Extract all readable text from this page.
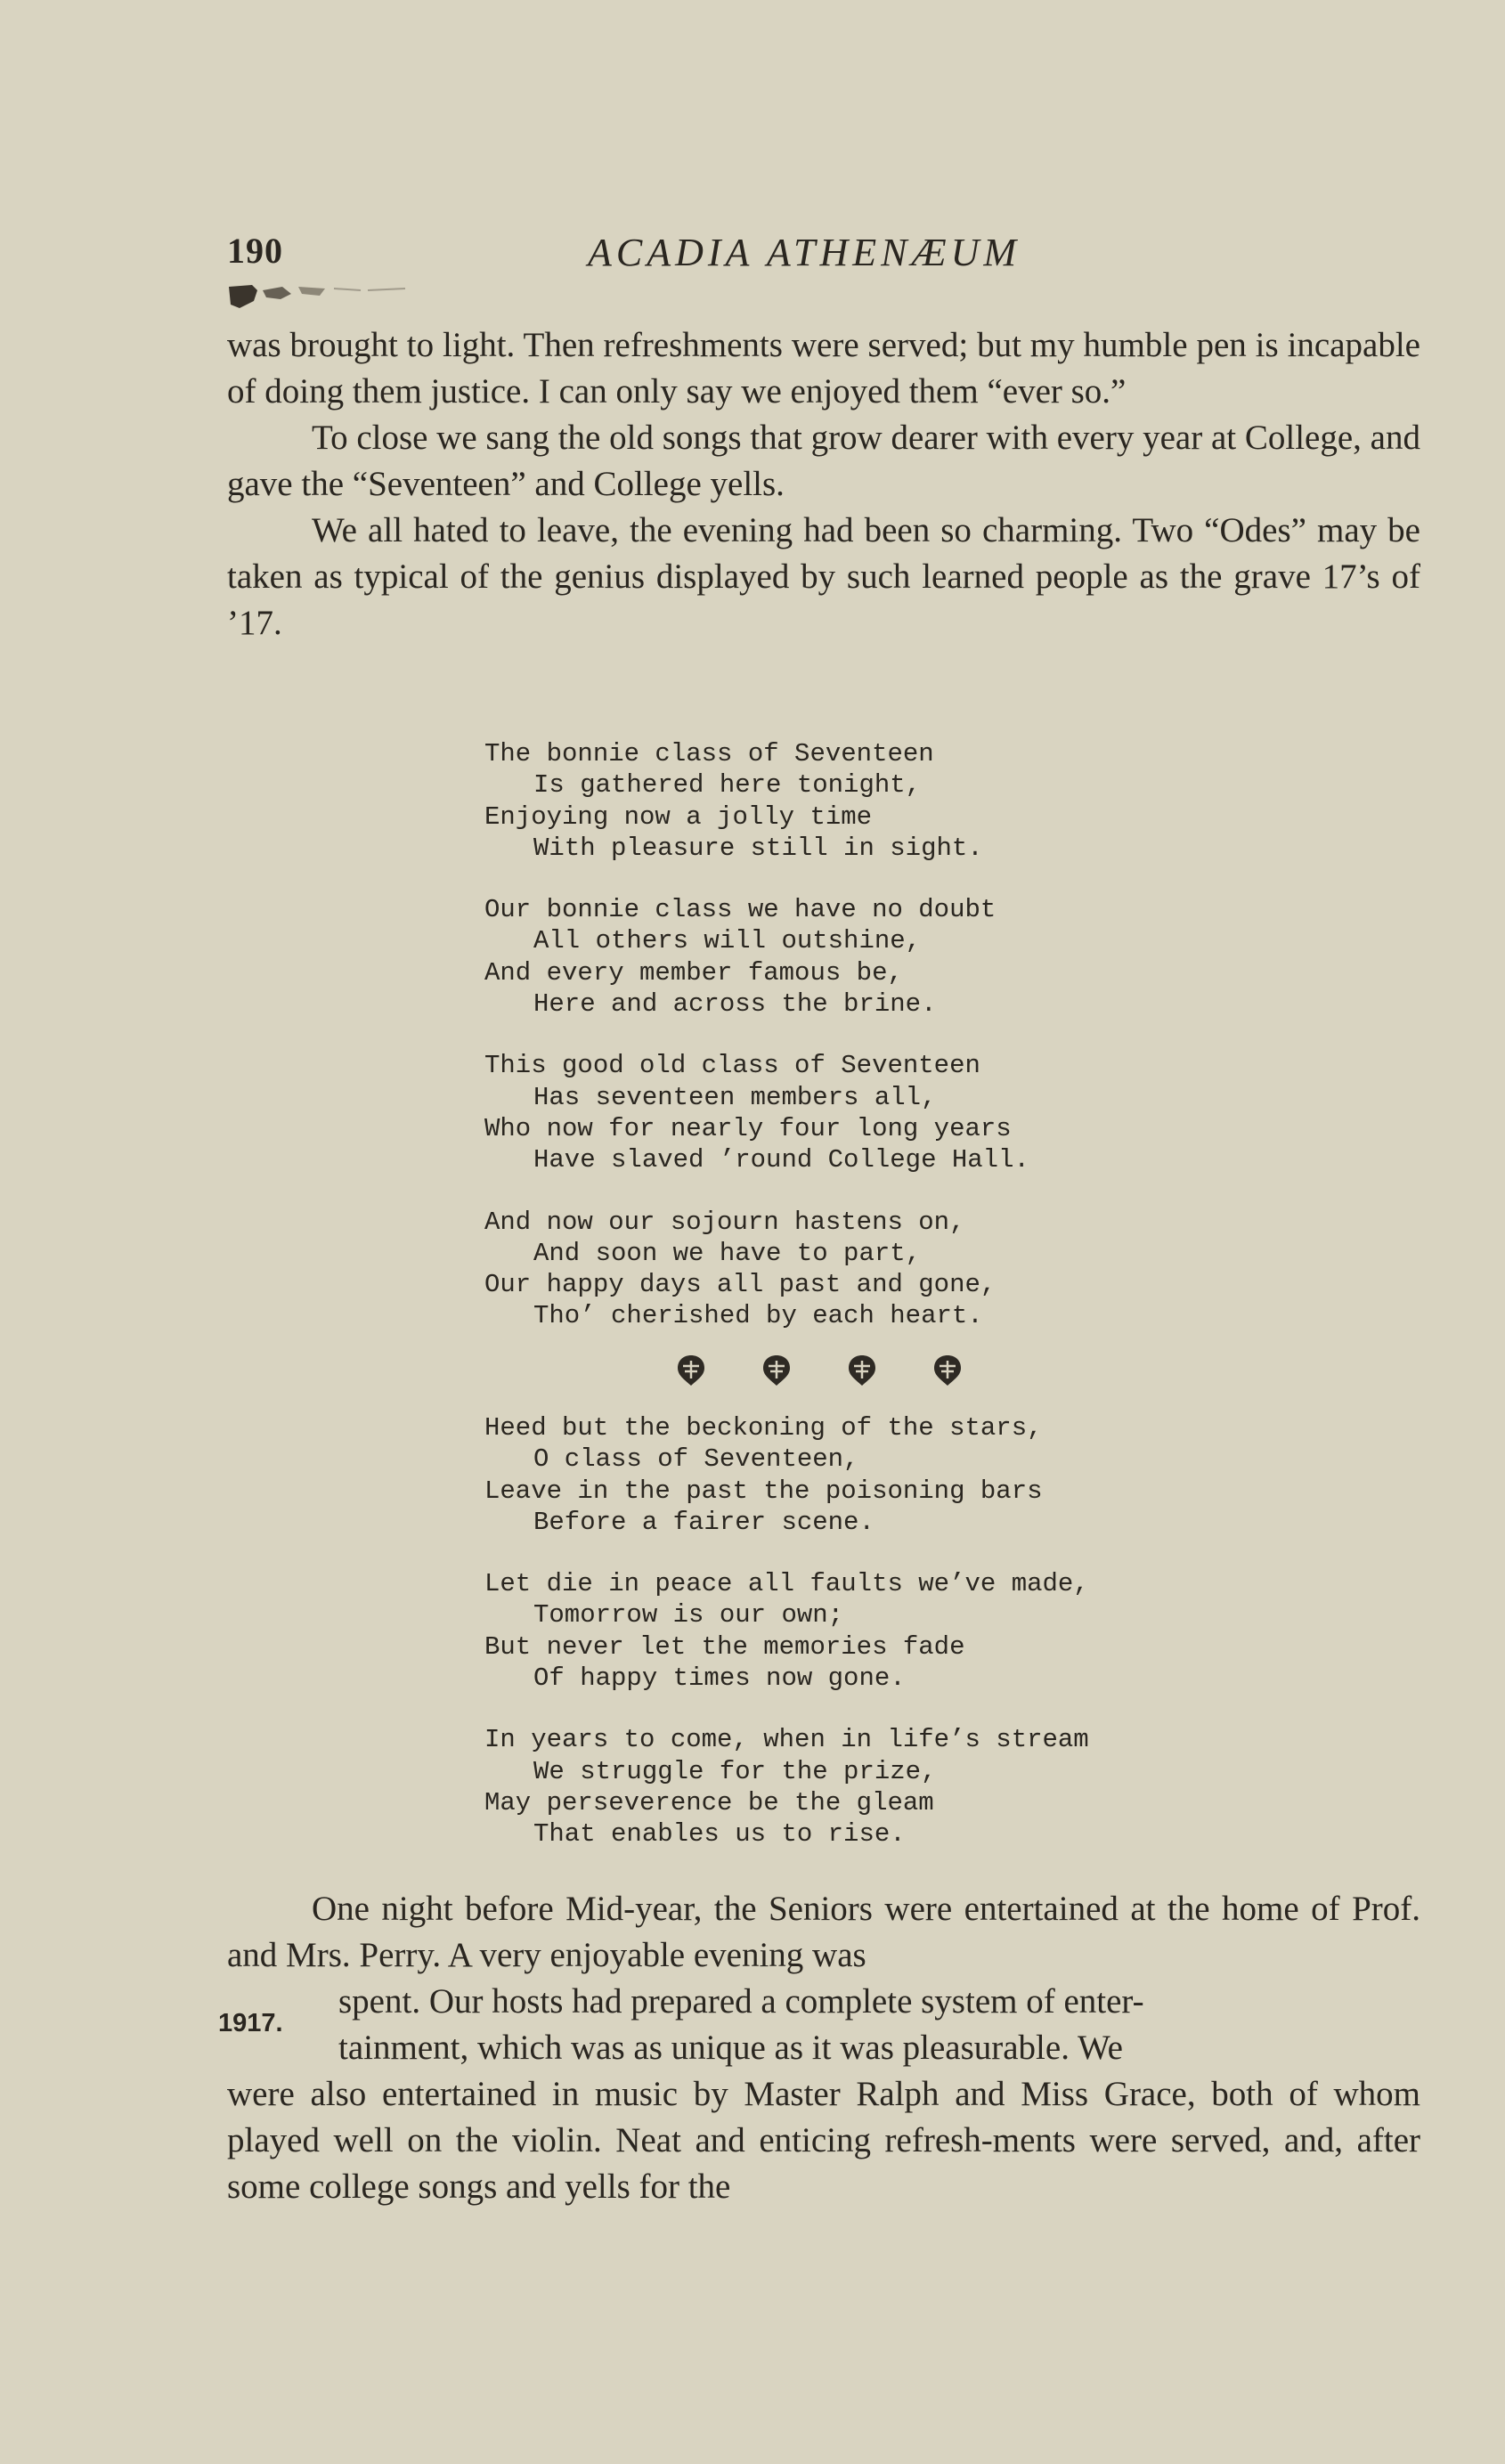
190	ACADIA ATHENÆUM

was brought to light. Then refreshments were served; but my humble pen is incapable of doing them justice. I can only say we enjoyed them “ever so.”

To close we sang the old songs that grow dearer with every year at College, and gave the “Seventeen” and College yells.

We all hated to leave, the evening had been so charming. Two “Odes” may be taken as typical of the genius displayed by such learned people as the grave 17’s of ’17.

The bonnie class of Seventeen
Is gathered here tonight,
Enjoying now a jolly time
With pleasure still in sight.
Our bonnie class we have no doubt
All others will outshine,
And every member famous be,
Here and across the brine.
This good old class of Seventeen
Has seventeen members all,
Who now for nearly four long years
Have slaved ’round College Hall.
And now our sojourn hastens on,
And soon we have to part,
Our happy days all past and gone,
Tho’ cherished by each heart.
Heed but the beckoning of the stars,
O class of Seventeen,
Leave in the past the poisoning bars
Before a fairer scene.
Let die in peace all faults we’ve made,
Tomorrow is our own;
But never let the memories fade
Of happy times now gone.
In years to come, when in life’s stream
We struggle for the prize,
May perseverence be the gleam
That enables us to rise.
1917.

One night before Mid-year, the Seniors were entertained at the home of Prof. and Mrs. Perry. A very enjoyable evening was

spent. Our hosts had prepared a complete system of enter-

tainment, which was as unique as it was pleasurable. We

were also entertained in music by Master Ralph and Miss Grace, both of whom played well on the violin. Neat and enticing refresh-ments were served, and, after some college songs and yells for the
